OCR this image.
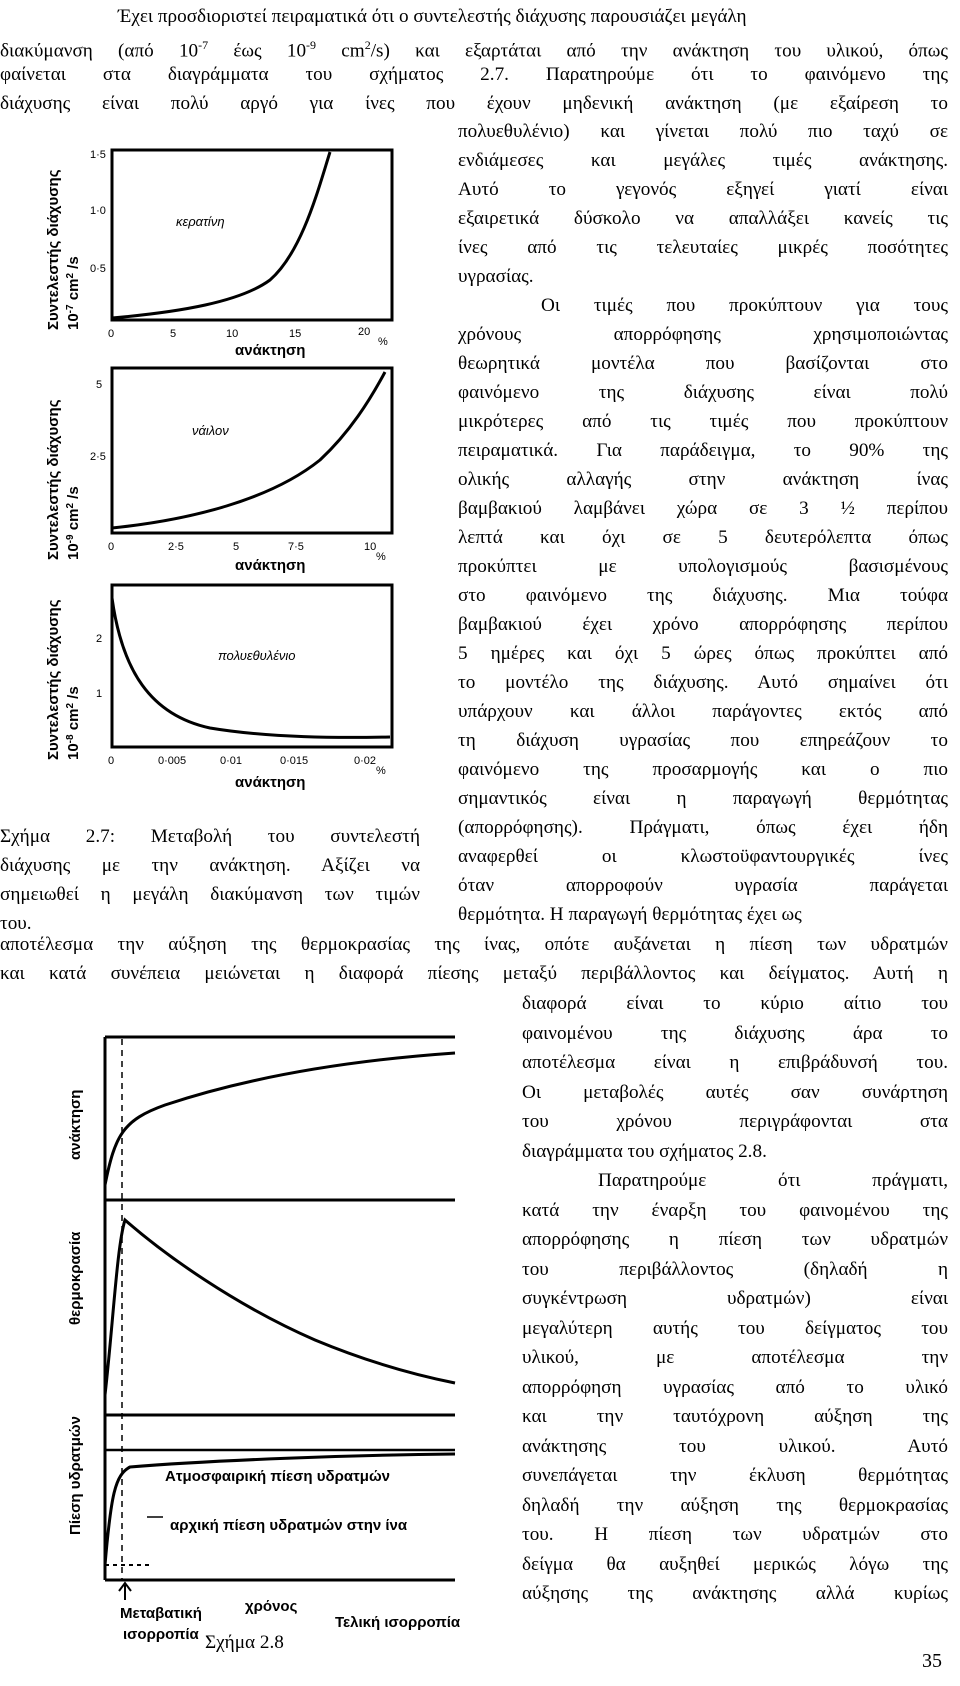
Έχει προσδιοριστεί πειραματικά ότι ο συντελεστής διάχυσης παρουσιάζει μεγάλη
διακύμανση (από $10^{-7}$ έως $10^{-9}$ $cm^2/s$) και εξαρτάται από την ανάκτηση του υλικού, όπως
φαίνεται στα διαγράμματα του σχήματος 2.7. Παρατηρούμε ότι το φαινόμενο της
διάχυσης είναι πολύ αργό για ίνες που έχουν μηδενική ανάκτηση (με εξαίρεση το
πολυεθυλένιο) και γίνεται πολύ πιο ταχύ σε
ενδιάμεσες και μεγάλες τιμές ανάκτησης.
Αυτό το γεγονός εξηγεί γιατί είναι
εξαιρετικά δύσκολο να απαλλάξει κανείς τις
ίνες από τις τελευταίες μικρές ποσότητες
υγρασίας.
Οι τιμές που προκύπτουν για τους
χρόνους απορρόφησης χρησιμοποιώντας
θεωρητικά μοντέλα που βασίζονται στο
φαινόμενο της διάχυσης είναι πολύ
μικρότερες από τις τιμές που προκύπτουν
πειραματικά. Για παράδειγμα, το 90% της
ολικής αλλαγής στην ανάκτηση ίνας
βαμβακιού λαμβάνει χώρα σε 3 ½ περίπου
λεπτά και όχι σε 5 δευτερόλεπτα όπως
προκύπτει με υπολογισμούς βασισμένους
στο φαινόμενο της διάχυσης. Μια τούφα
βαμβακιού έχει χρόνο απορρόφησης περίπου
5 ημέρες και όχι 5 ώρες όπως προκύπτει από
το μοντέλο της διάχυσης. Αυτό σημαίνει ότι
υπάρχουν και άλλοι παράγοντες εκτός από
τη διάχυση υγρασίας που επηρεάζουν το
φαινόμενο της προσαρμογής και ο πιο
σημαντικός είναι η παραγωγή θερμότητας
(απορρόφησης). Πράγματι, όπως έχει ήδη
αναφερθεί οι κλωστοϋφαντουργικές ίνες
όταν απορροφούν υγρασία παράγεται
θερμότητα. Η παραγωγή θερμότητας έχει ως
αποτέλεσμα την αύξηση της θερμοκρασίας της ίνας, οπότε αυξάνεται η πίεση των υδρατμών
και κατά συνέπεια μειώνεται η διαφορά πίεσης μεταξύ περιβάλλοντος και δείγματος. Αυτή η
διαφορά είναι το κύριο αίτιο του
φαινομένου της διάχυσης άρα το
αποτέλεσμα είναι η επιβράδυνσή του.
Οι μεταβολές αυτές σαν συνάρτηση
του χρόνου περιγράφονται στα
διαγράμματα του σχήματος 2.8.
Παρατηρούμε ότι πράγματι,
κατά την έναρξη του φαινομένου της
απορρόφησης η πίεση των υδρατμών
του περιβάλλοντος (δηλαδή η
συγκέντρωση υδρατμών) είναι
μεγαλύτερη αυτής του δείγματος του
υλικού, με αποτέλεσμα την
απορρόφηση υγρασίας από το υλικό
και την ταυτόχρονη αύξηση της
ανάκτησης του υλικού. Αυτό
συνεπάγεται την έκλυση θερμότητας
δηλαδή την αύξηση της θερμοκρασίας
του. Η πίεση των υδρατμών στο
δείγμα θα αυξηθεί μερικώς λόγω της
αύξησης της ανάκτησης αλλά κυρίως
Σχήμα 2.7: Μεταβολή του συντελεστή
διάχυσης με την ανάκτηση. Αξίζει να
σημειωθεί η μεγάλη διακύμανση των τιμών
του.
Συντελεστής διάχυσης $10^{-7}$ $cm^2$ /s
1·5
1·0
0·5
0	5	10	15	20
%
ανάκτηση
κερατίνη
Συντελεστής διάχυσης $10^{-9}$ $cm^2$ /s
5
2·5
0	2·5	5	7·5	10
%
ανάκτηση
νάιλον
Συντελεστής διάχυσης $10^{-8}$ $cm^2$ /s
2
1
0	0·005	0·01	0·015	0·02
%
ανάκτηση
πολυεθυλένιο
ανάκτηση
θερμοκρασία
Πίεση υδρατμών	Ατμοσφαιρική πίεση υδρατμών
αρχική πίεση υδρατμών στην ίνα
χρόνος
Τελική ισορροπία
Μεταβατική
ισορροπία Σχήμα 2.8
35
